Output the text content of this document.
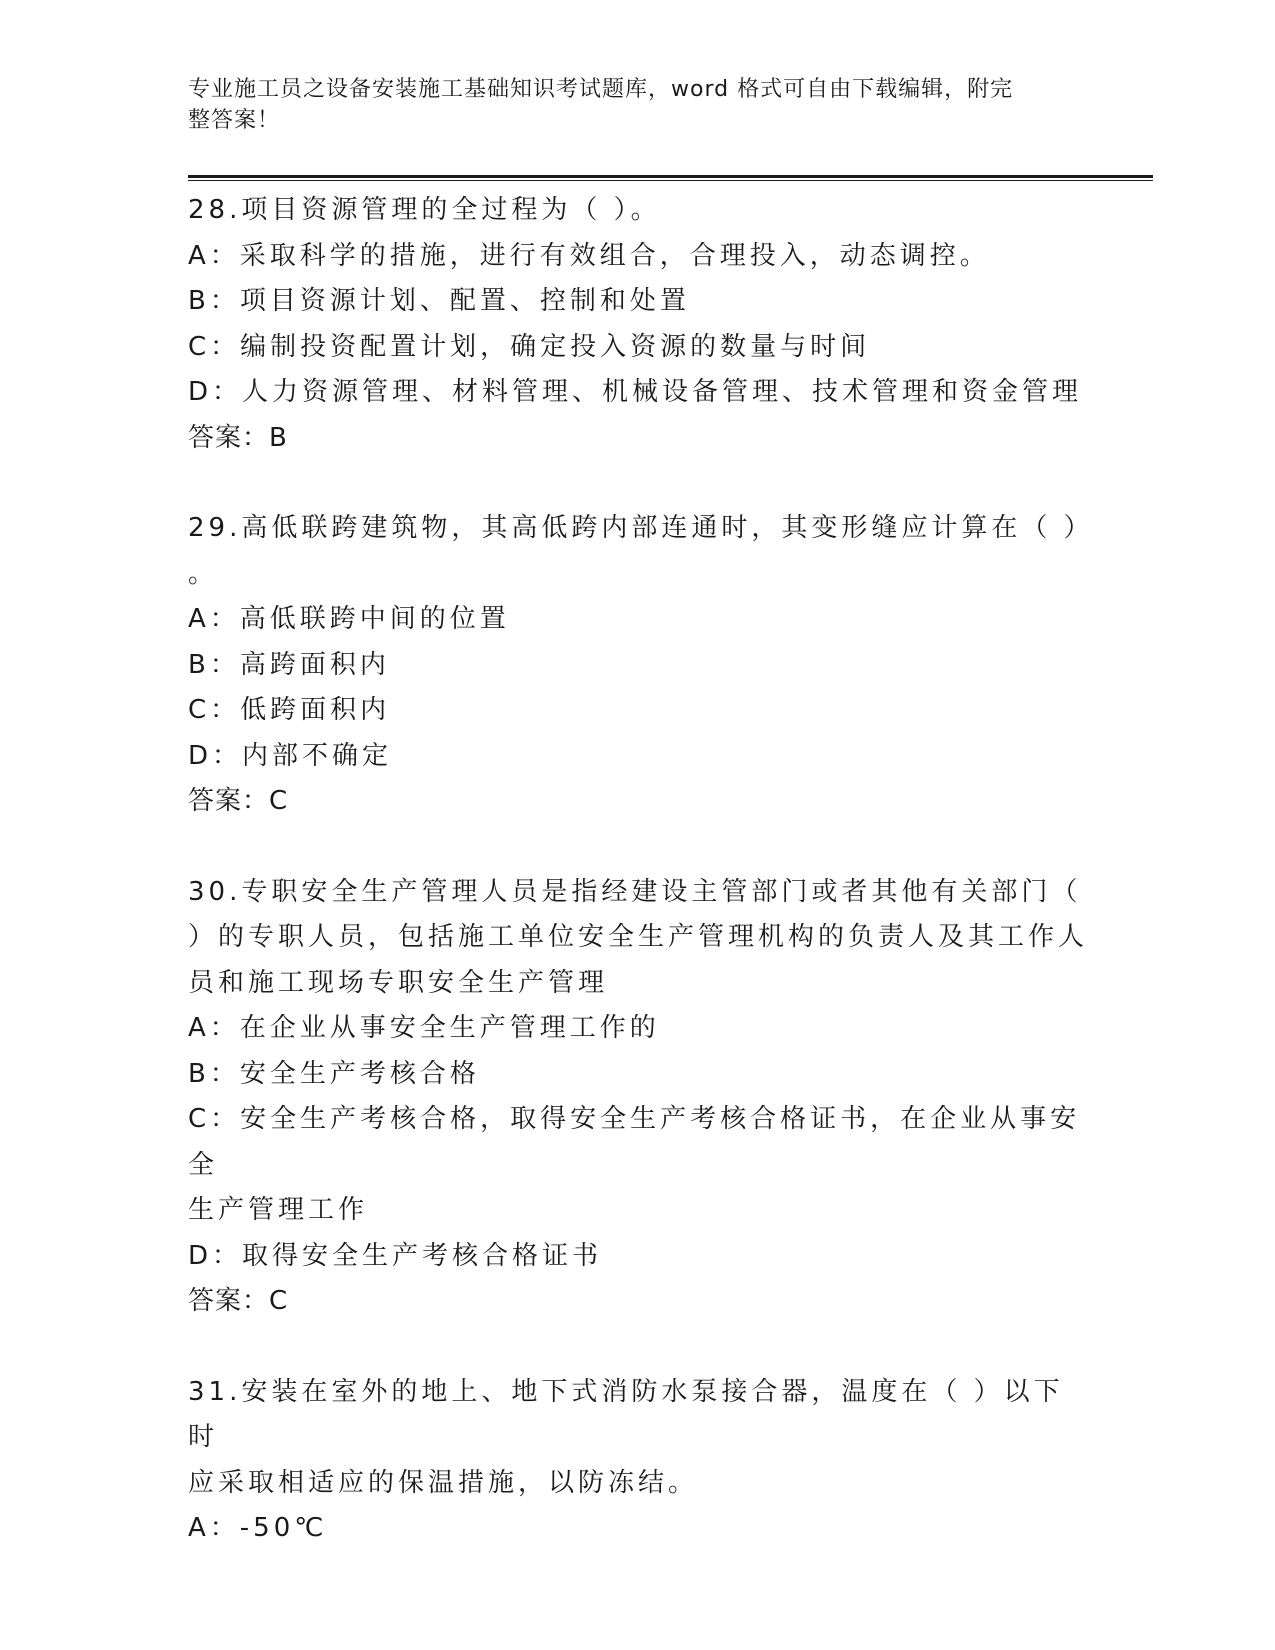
专业施工员之设备安装施工基础知识考试题库，word 格式可自由下载编辑，附完
整答案！
28.项目资源管理的全过程为（ ）。
A：采取科学的措施，进行有效组合，合理投入，动态调控。
B：项目资源计划、配置、控制和处置
C：编制投资配置计划，确定投入资源的数量与时间
D：人力资源管理、材料管理、机械设备管理、技术管理和资金管理
答案：B
29.高低联跨建筑物，其高低跨内部连通时，其变形缝应计算在（ ）
。
A：高低联跨中间的位置
B：高跨面积内
C：低跨面积内
D：内部不确定
答案：C
30.专职安全生产管理人员是指经建设主管部门或者其他有关部门（
）的专职人员，包括施工单位安全生产管理机构的负责人及其工作人
员和施工现场专职安全生产管理
A：在企业从事安全生产管理工作的
B：安全生产考核合格
C：安全生产考核合格，取得安全生产考核合格证书，在企业从事安全
生产管理工作
D：取得安全生产考核合格证书
答案：C
31.安装在室外的地上、地下式消防水泵接合器，温度在（ ）以下时
应采取相适应的保温措施，以防冻结。
A：-50℃
